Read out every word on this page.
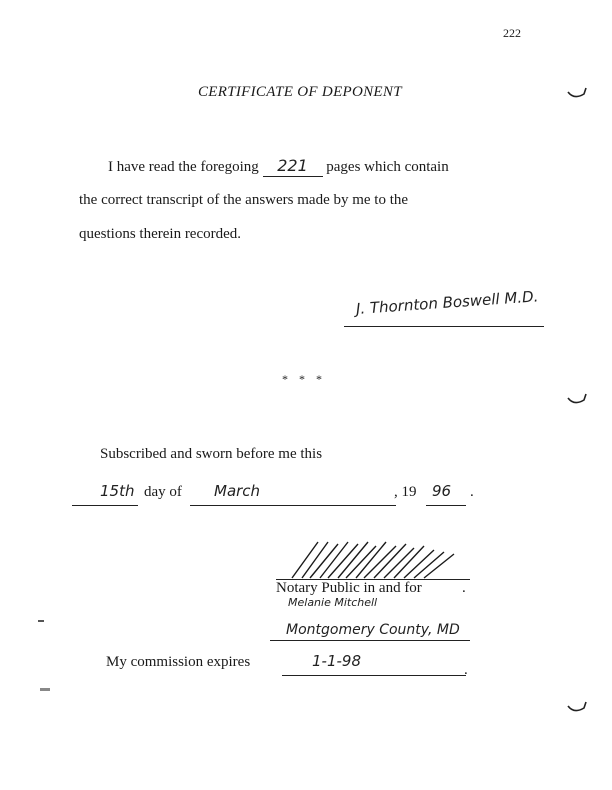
222
CERTIFICATE OF DEPONENT
I have read the foregoing 221 pages which contain
the correct transcript of the answers made by me to the
questions therein recorded.
J. Thornton Boswell M.D.
* * *
Subscribed and sworn before me this
15th day of March	, 19 96 .
Notary Public in and for	.
Melanie Mitchell
Montgomery County, MD
My commission expires	1-1-98	.
